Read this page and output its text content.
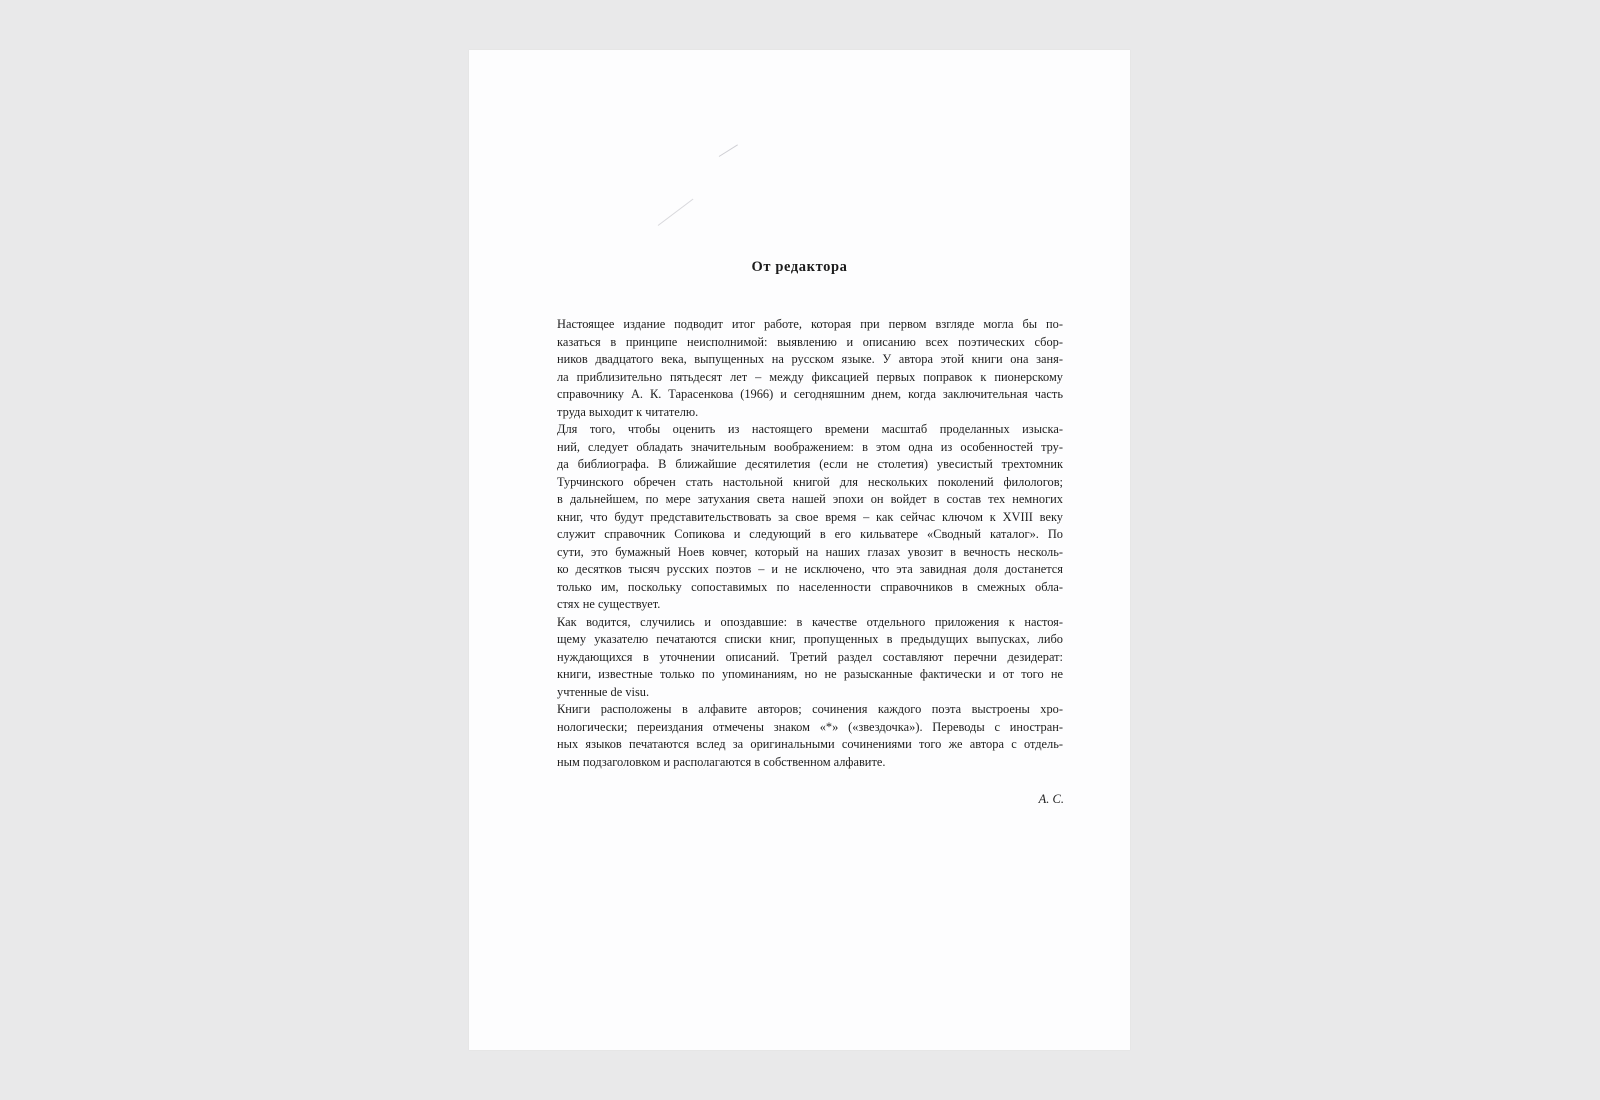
От редактора

Настоящее издание подводит итог работе, которая при первом взгляде могла бы по-
казаться в принципе неисполнимой: выявлению и описанию всех поэтических сбор-
ников двадцатого века, выпущенных на русском языке. У автора этой книги она заня-
ла приблизительно пятьдесят лет – между фиксацией первых поправок к пионерскому
справочнику А. К. Тарасенкова (1966) и сегодняшним днем, когда заключительная часть
труда выходит к читателю.

Для того, чтобы оценить из настоящего времени масштаб проделанных изыска-
ний, следует обладать значительным воображением: в этом одна из особенностей тру-
да библиографа. В ближайшие десятилетия (если не столетия) увесистый трехтомник
Турчинского обречен стать настольной книгой для нескольких поколений филологов;
в дальнейшем, по мере затухания света нашей эпохи он войдет в состав тех немногих
книг, что будут представительствовать за свое время – как сейчас ключом к XVIII веку
служит справочник Сопикова и следующий в его кильватере «Сводный каталог». По
сути, это бумажный Ноев ковчег, который на наших глазах увозит в вечность несколь-
ко десятков тысяч русских поэтов – и не исключено, что эта завидная доля достанется
только им, поскольку сопоставимых по населенности справочников в смежных обла-
стях не существует.

Как водится, случились и опоздавшие: в качестве отдельного приложения к настоя-
щему указателю печатаются списки книг, пропущенных в предыдущих выпусках, либо
нуждающихся в уточнении описаний. Третий раздел составляют перечни дезидерат:
книги, известные только по упоминаниям, но не разысканные фактически и от того не
учтенные de visu.

Книги расположены в алфавите авторов; сочинения каждого поэта выстроены хро-
нологически; переиздания отмечены знаком «*» («звездочка»). Переводы с иностран-
ных языков печатаются вслед за оригинальными сочинениями того же автора с отдель-
ным подзаголовком и располагаются в собственном алфавите.

А. С.
